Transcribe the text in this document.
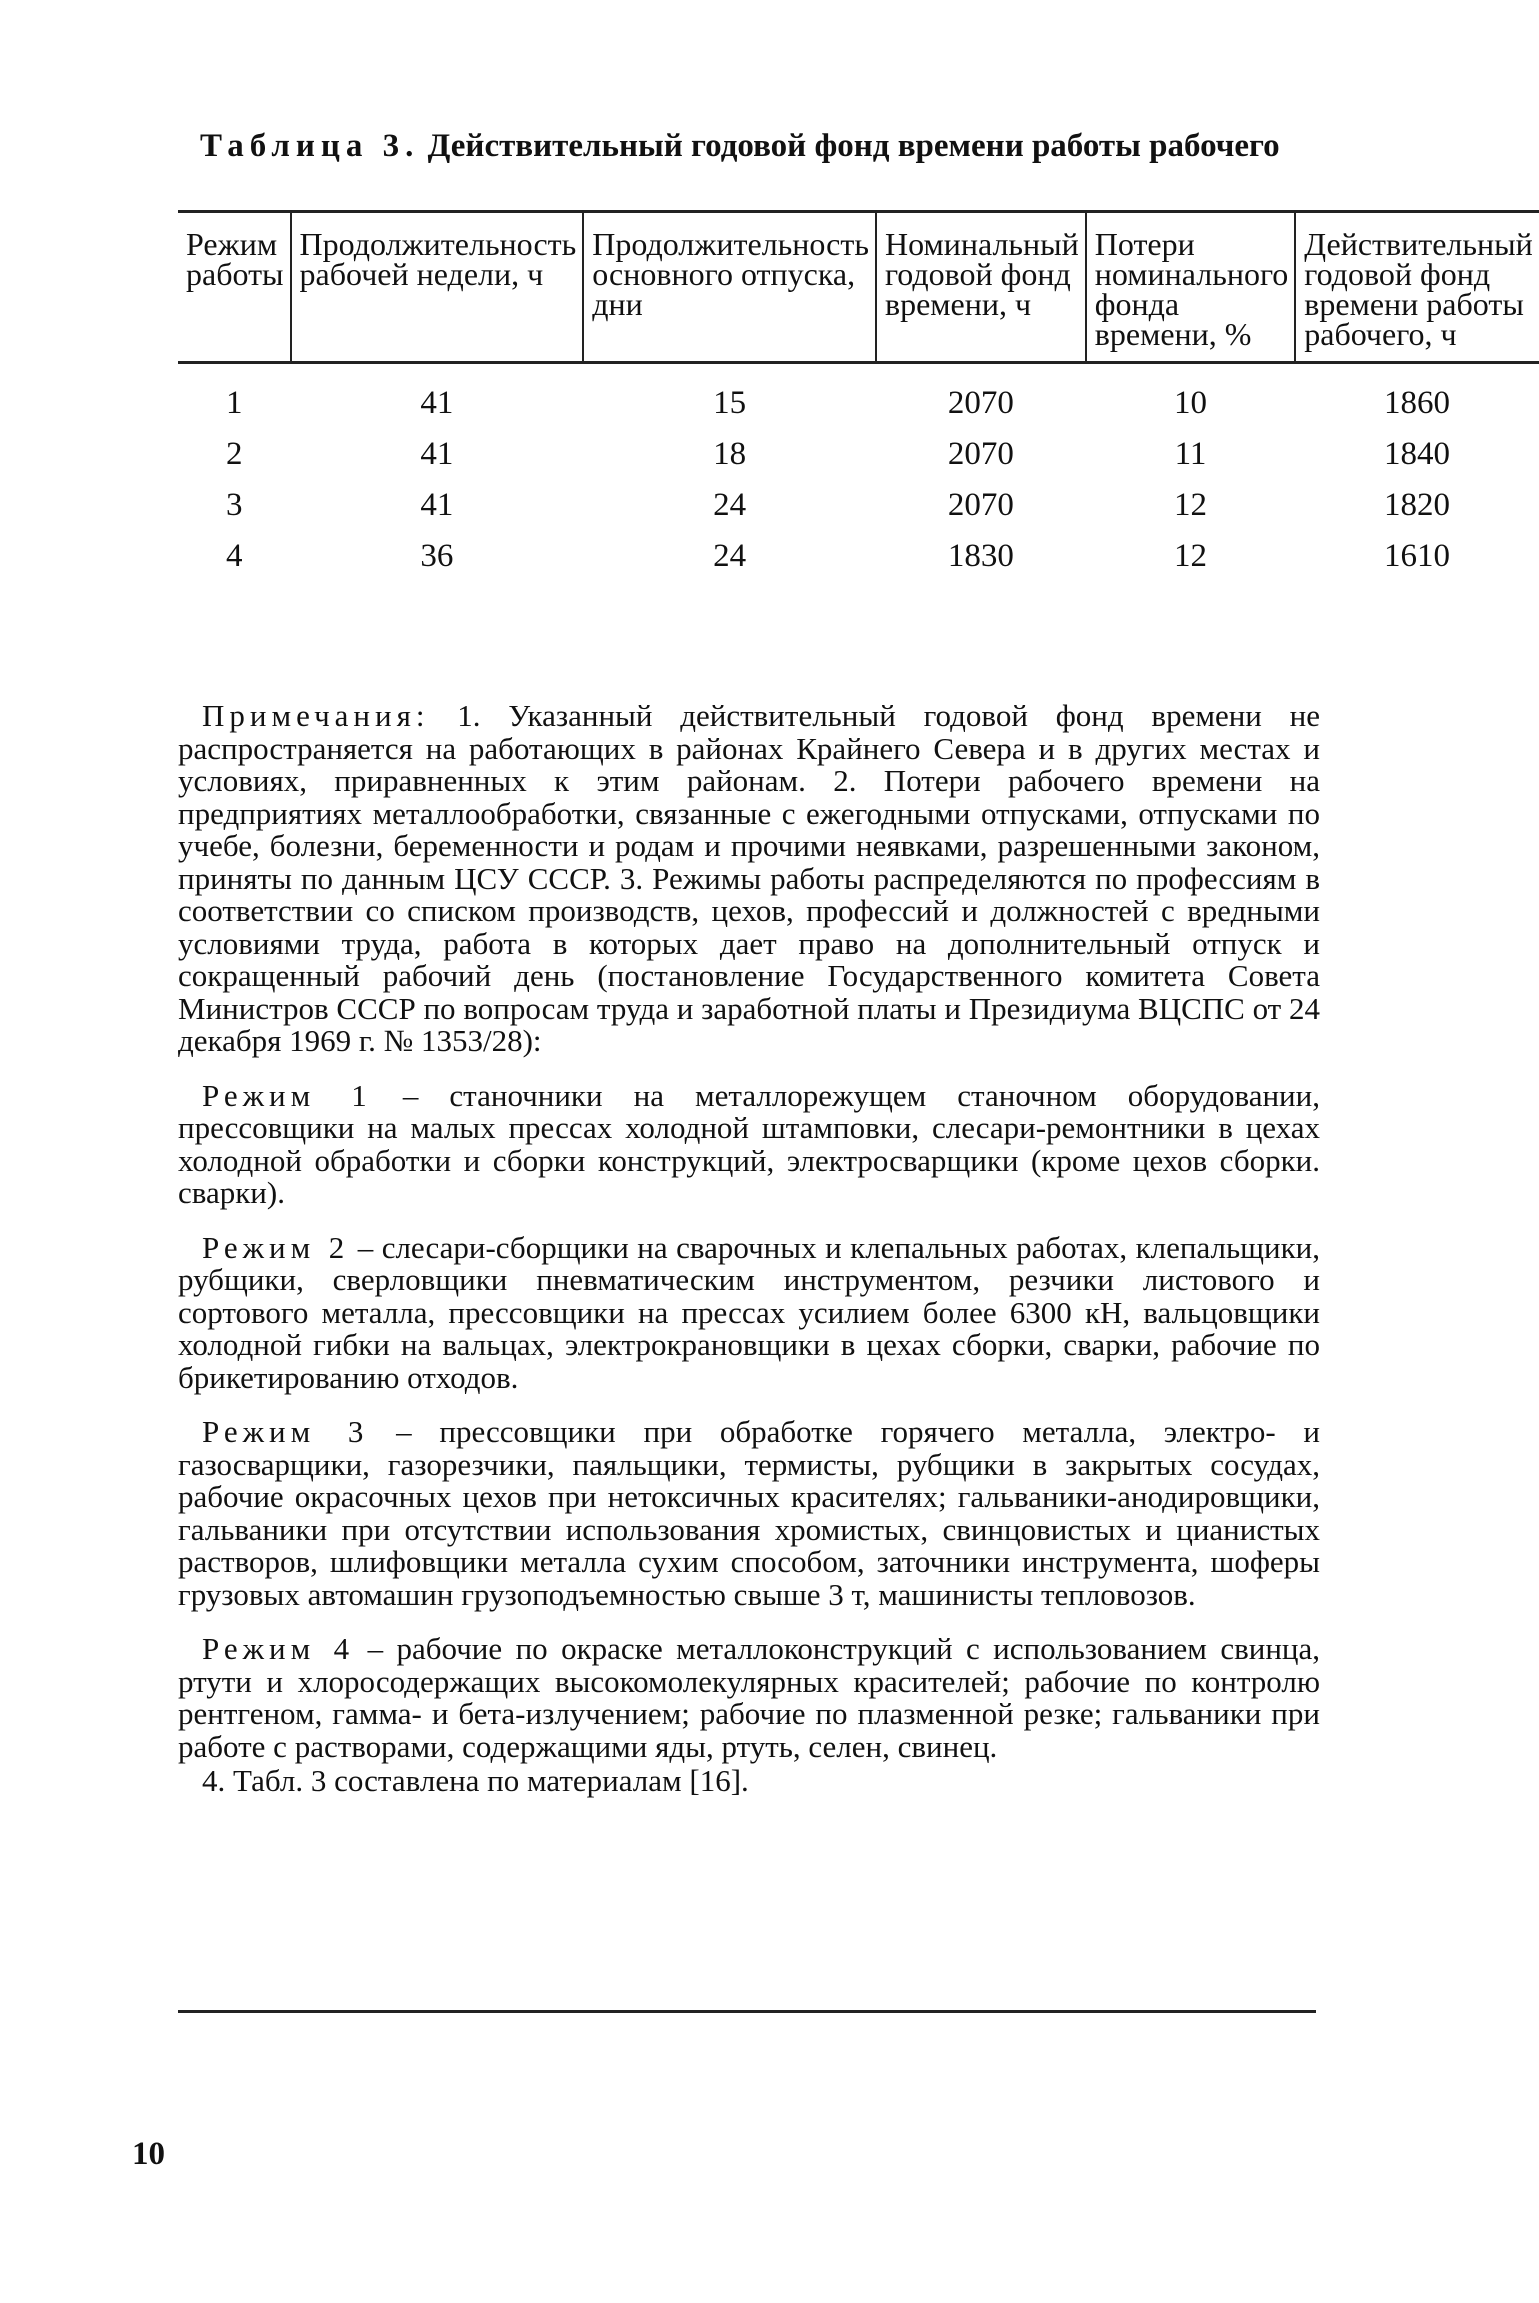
Таблица 3. Действительный годовой фонд времени работы рабочего
Режим работы	Продолжительность рабочей недели, ч	Продолжительность основного отпуска, дни	Номинальный годовой фонд времени, ч	Потери номинального фонда времени, %	Действительный годовой фонд времени работы рабочего, ч
1	41	15	2070	10	1860
2	41	18	2070	11	1840
3	41	24	2070	12	1820
4	36	24	1830	12	1610

Примечания: 1. Указанный действительный годовой фонд времени не распространяется на работающих в районах Крайнего Севера и в других местах и условиях, приравненных к этим районам. 2. Потери рабочего времени на предприятиях металлообработки, связанные с ежегодными отпусками, отпусками по учебе, болезни, беременности и родам и прочими неявками, разрешенными законом, приняты по данным ЦСУ СССР. 3. Режимы работы распределяются по профессиям в соответствии со списком производств, цехов, профессий и должностей с вредными условиями труда, работа в которых дает право на дополнительный отпуск и сокращенный рабочий день (постановление Государственного комитета Совета Министров СССР по вопросам труда и заработной платы и Президиума ВЦСПС от 24 декабря 1969 г. № 1353/28):

Режим 1 – станочники на металлорежущем станочном оборудовании, прессовщики на малых прессах холодной штамповки, слесари-ремонтники в цехах холодной обработки и сборки конструкций, электросварщики (кроме цехов сборки. сварки).

Режим 2 – слесари-сборщики на сварочных и клепальных работах, клепальщики, рубщики, сверловщики пневматическим инструментом, резчики листового и сортового металла, прессовщики на прессах усилием более 6300 кН, вальцовщики холодной гибки на вальцах, электрокрановщики в цехах сборки, сварки, рабочие по брикетированию отходов.

Режим 3 – прессовщики при обработке горячего металла, электро- и газосварщики, газорезчики, паяльщики, термисты, рубщики в закрытых сосудах, рабочие окрасочных цехов при нетоксичных красителях; гальваники-анодировщики, гальваники при отсутствии использования хромистых, свинцовистых и цианистых растворов, шлифовщики металла сухим способом, заточники инструмента, шоферы грузовых автомашин грузоподъемностью свыше 3 т, машинисты тепловозов.

Режим 4 – рабочие по окраске металлоконструкций с использованием свинца, ртути и хлоросодержащих высокомолекулярных красителей; рабочие по контролю рентгеном, гамма- и бета-излучением; рабочие по плазменной резке; гальваники при работе с растворами, содержащими яды, ртуть, селен, свинец.

4. Табл. 3 составлена по материалам [16].

10
